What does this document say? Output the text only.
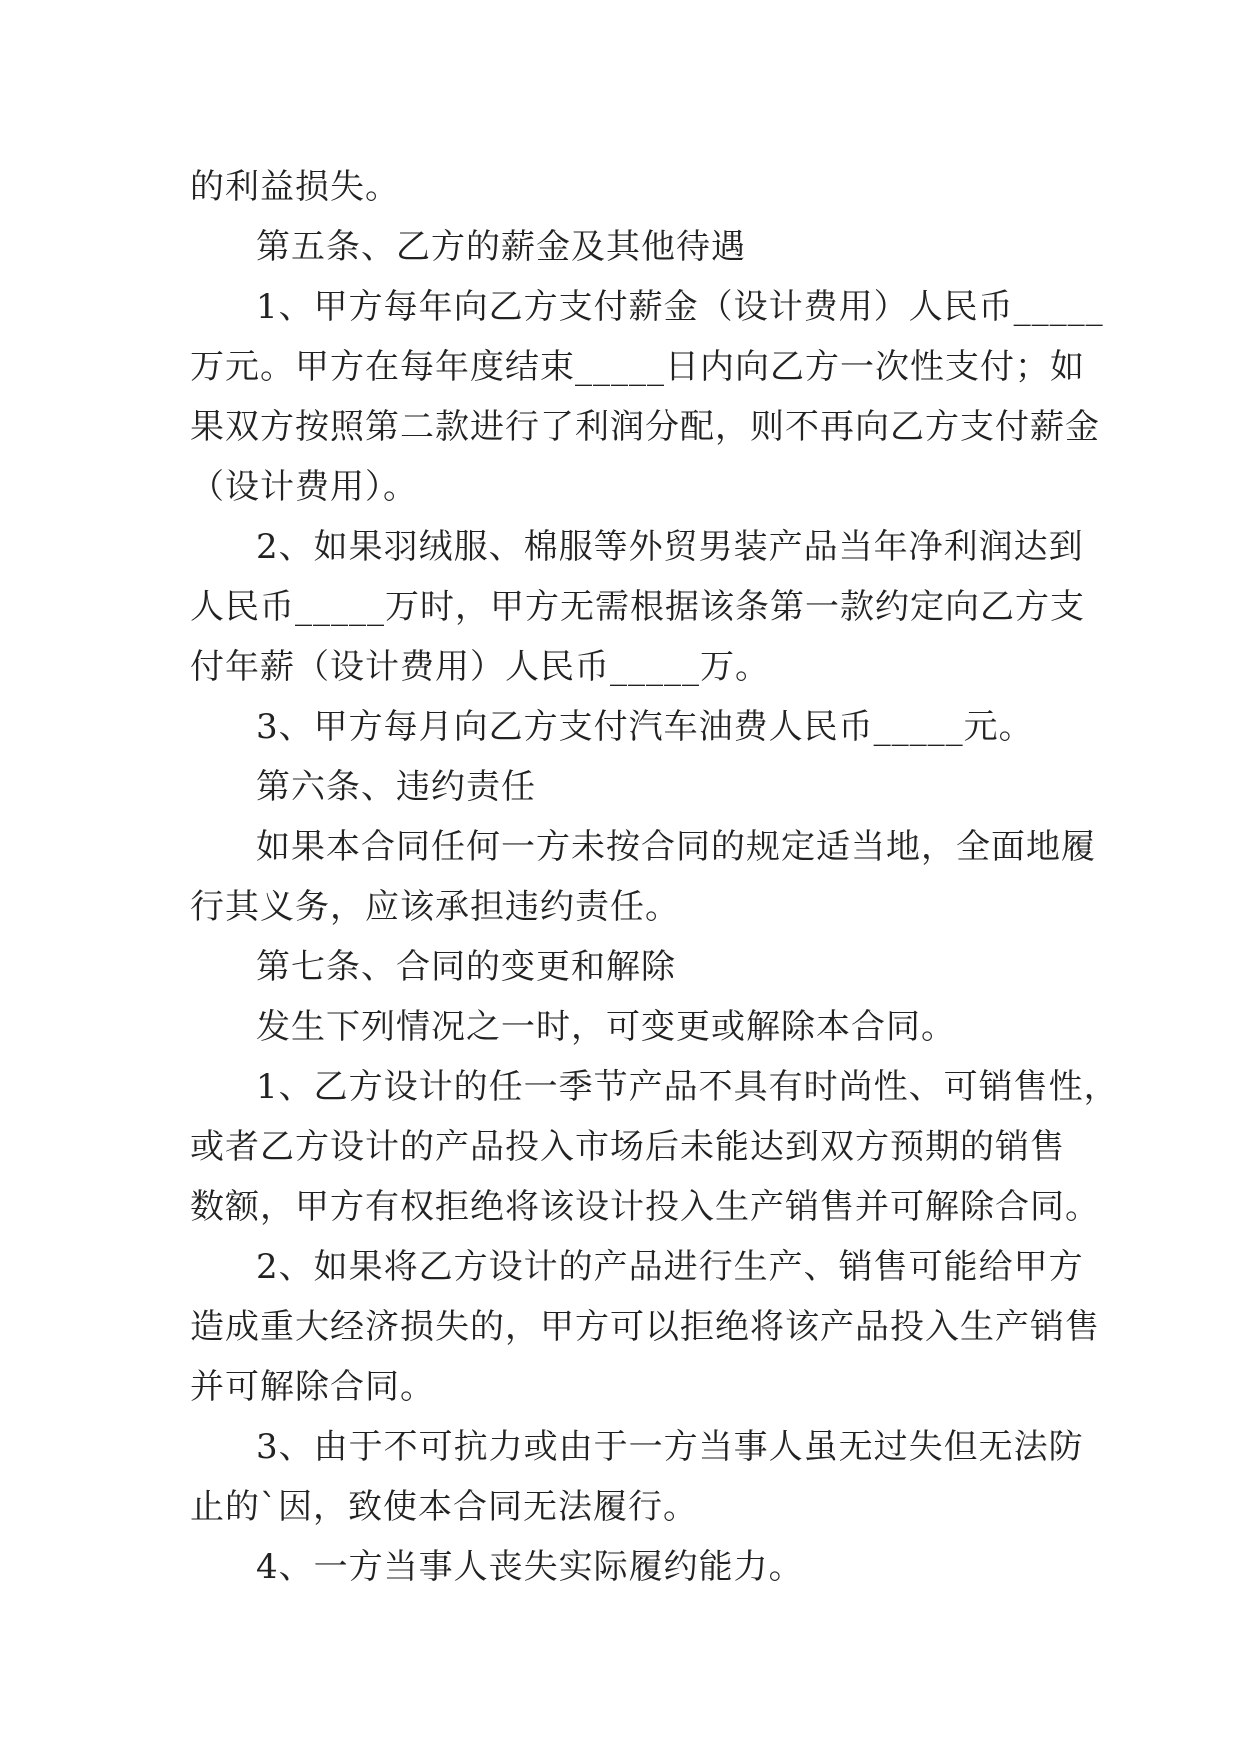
的利益损失。
第五条、乙方的薪金及其他待遇
1、甲方每年向乙方支付薪金（设计费用）人民币_____
万元。甲方在每年度结束_____日内向乙方一次性支付；如
果双方按照第二款进行了利润分配，则不再向乙方支付薪金
（设计费用）。
2、如果羽绒服、棉服等外贸男装产品当年净利润达到
人民币_____万时，甲方无需根据该条第一款约定向乙方支
付年薪（设计费用）人民币_____万。
3、甲方每月向乙方支付汽车油费人民币_____元。
第六条、违约责任
如果本合同任何一方未按合同的规定适当地，全面地履
行其义务，应该承担违约责任。
第七条、合同的变更和解除
发生下列情况之一时，可变更或解除本合同。
1、乙方设计的任一季节产品不具有时尚性、可销售性，
或者乙方设计的产品投入市场后未能达到双方预期的销售
数额，甲方有权拒绝将该设计投入生产销售并可解除合同。
2、如果将乙方设计的产品进行生产、销售可能给甲方
造成重大经济损失的，甲方可以拒绝将该产品投入生产销售
并可解除合同。
3、由于不可抗力或由于一方当事人虽无过失但无法防
止的`因，致使本合同无法履行。
4、一方当事人丧失实际履约能力。
